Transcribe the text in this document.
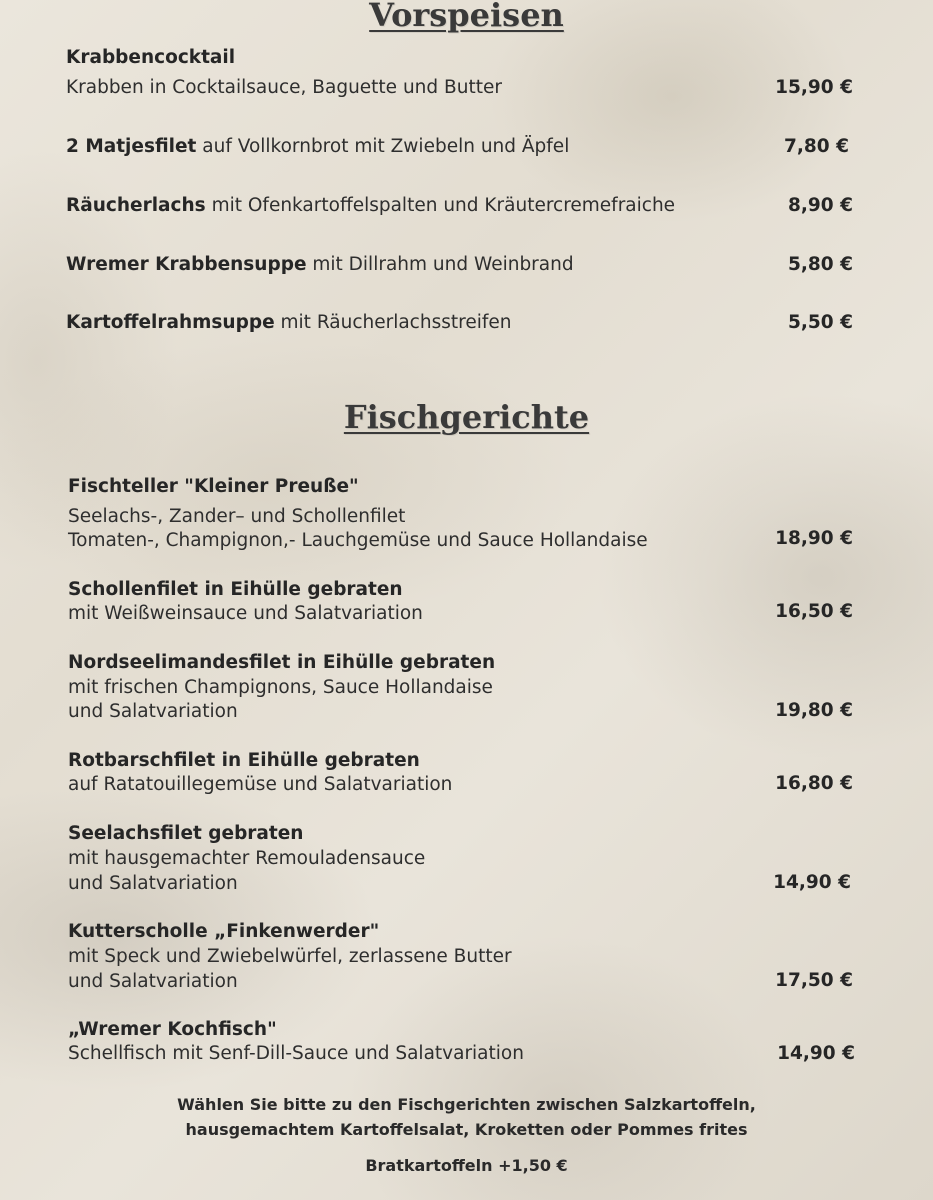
Vorspeisen

Krabbencocktail

Krabben in Cocktailsauce, Baguette und Butter	15,90 €

2 Matjesfilet auf Vollkornbrot mit Zwiebeln und Äpfel	7,80 €

Räucherlachs mit Ofenkartoffelspalten und Kräutercremefraiche	8,90 €

Wremer Krabbensuppe mit Dillrahm und Weinbrand	5,80 €

Kartoffelrahmsuppe mit Räucherlachsstreifen	5,50 €

Fischgerichte

Fischteller "Kleiner Preuße"

Seelachs-, Zander– und Schollenfilet

Tomaten-, Champignon,- Lauchgemüse und Sauce Hollandaise	18,90 €

Schollenfilet in Eihülle gebraten

mit Weißweinsauce und Salatvariation	16,50 €

Nordseelimandesfilet in Eihülle gebraten

mit frischen Champignons, Sauce Hollandaise

und Salatvariation	19,80 €

Rotbarschfilet in Eihülle gebraten

auf Ratatouillegemüse und Salatvariation	16,80 €

Seelachsfilet gebraten

mit hausgemachter Remouladensauce

und Salatvariation	14,90 €

Kutterscholle „Finkenwerder"

mit Speck und Zwiebelwürfel, zerlassene Butter

und Salatvariation	17,50 €

„Wremer Kochfisch"

Schellfisch mit Senf-Dill-Sauce und Salatvariation	14,90 €

Wählen Sie bitte zu den Fischgerichten zwischen Salzkartoffeln,

hausgemachtem Kartoffelsalat, Kroketten oder Pommes frites

Bratkartoffeln +1,50 €
